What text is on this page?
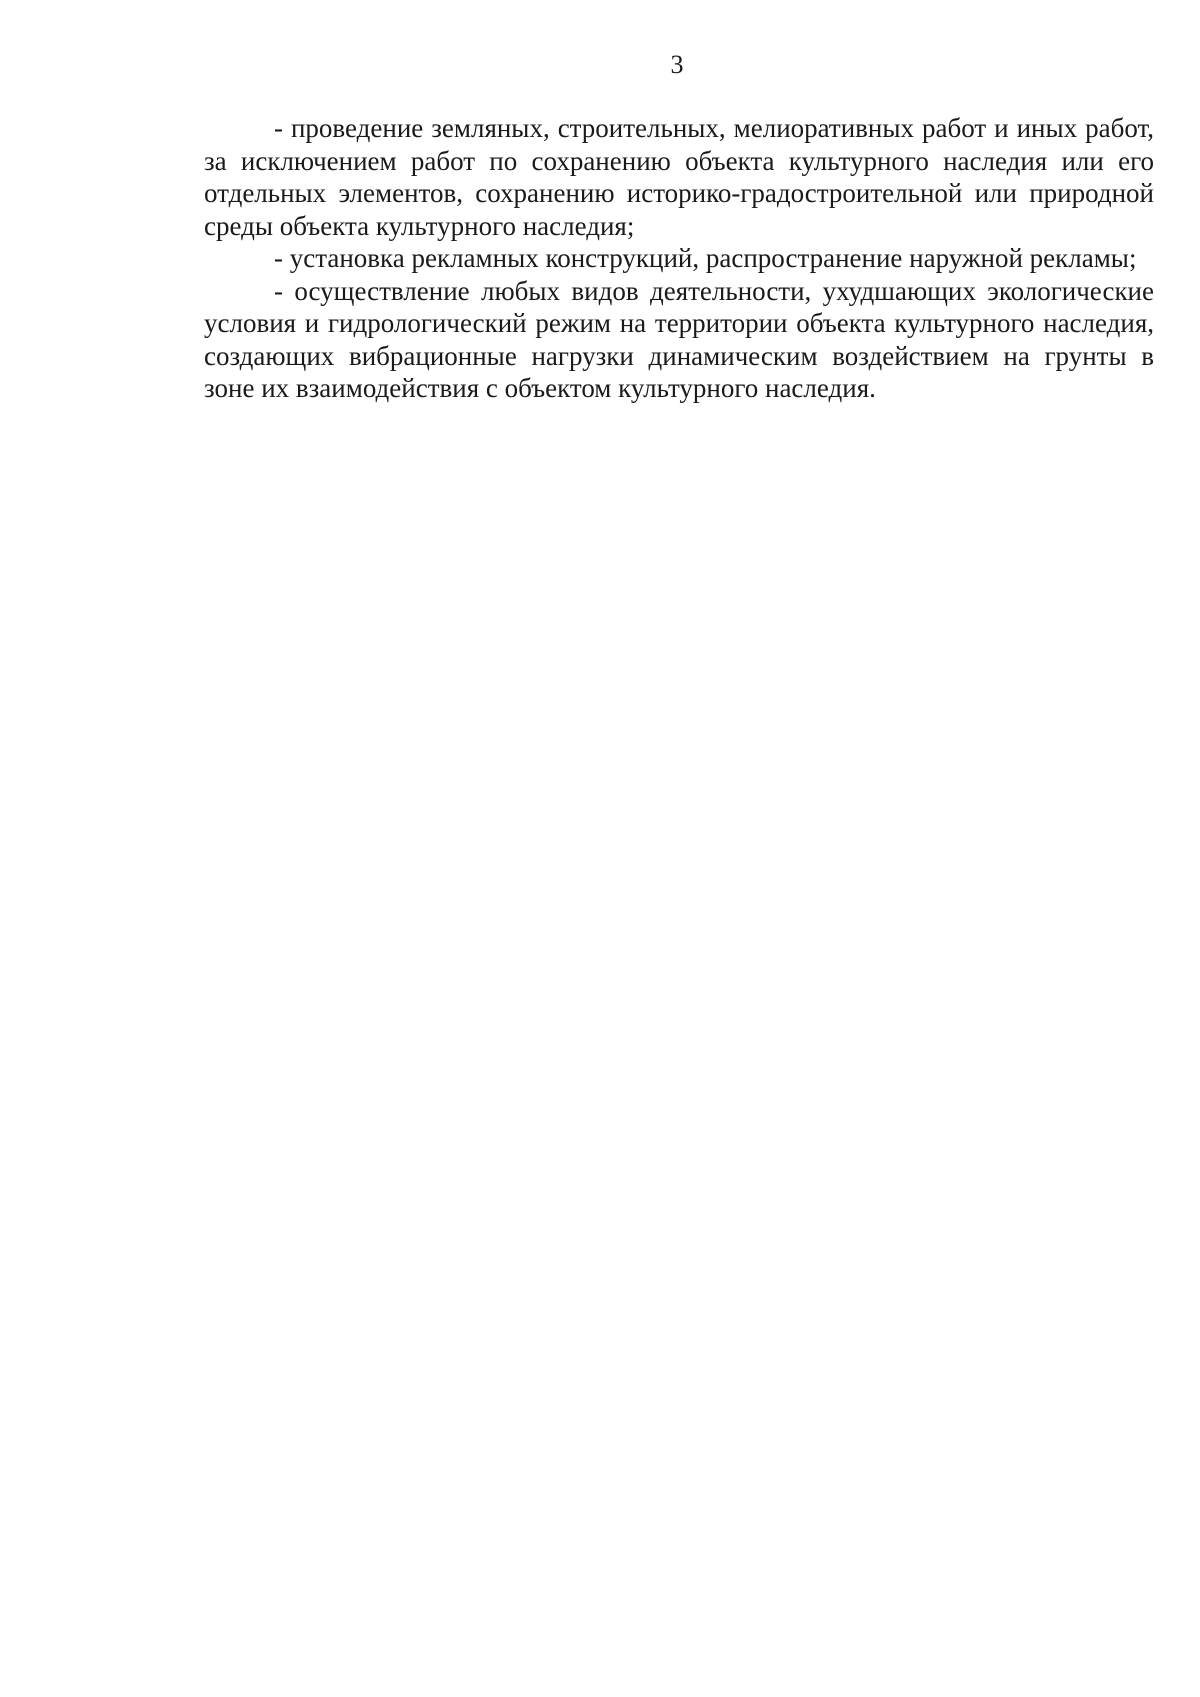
3

- проведение земляных, строительных, мелиоративных работ и иных работ, за исключением работ по сохранению объекта культурного наследия или его отдельных элементов, сохранению историко-градостроительной или природной среды объекта культурного наследия;

- установка рекламных конструкций, распространение наружной рекламы;

- осуществление любых видов деятельности, ухудшающих экологические условия и гидрологический режим на территории объекта культурного наследия, создающих вибрационные нагрузки динамическим воздействием на грунты в зоне их взаимодействия с объектом культурного наследия.
